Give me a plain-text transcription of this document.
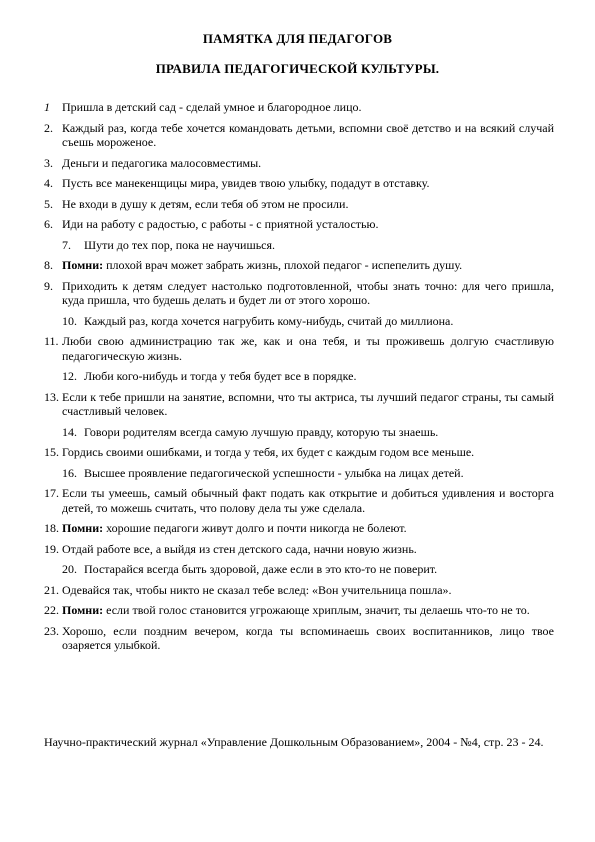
ПАМЯТКА ДЛЯ ПЕДАГОГОВ
ПРАВИЛА ПЕДАГОГИЧЕСКОЙ КУЛЬТУРЫ.
1 Пришла в детский сад - сделай умное и благородное лицо.
2. Каждый раз, когда тебе хочется командовать детьми, вспомни своё детство и на всякий случай съешь мороженое.
3. Деньги и педагогика малосовместимы.
4. Пусть все манекенщицы мира, увидев твою улыбку, подадут в отставку.
5. Не входи в душу к детям, если тебя об этом не просили.
6. Иди на работу с радостью, с работы - с приятной усталостью.
7. Шути до тех пор, пока не научишься.
8. Помни: плохой врач может забрать жизнь, плохой педагог - испепелить душу.
9. Приходить к детям следует настолько подготовленной, чтобы знать точно: для чего пришла, куда пришла, что будешь делать и будет ли от этого хорошо.
10. Каждый раз, когда хочется нагрубить кому-нибудь, считай до миллиона.
11. Люби свою администрацию так же, как и она тебя, и ты проживешь долгую счастливую педагогическую жизнь.
12. Люби кого-нибудь и тогда у тебя будет все в порядке.
13. Если к тебе пришли на занятие, вспомни, что ты актриса, ты лучший педагог страны, ты самый счастливый человек.
14. Говори родителям всегда самую лучшую правду, которую ты знаешь.
15. Гордись своими ошибками, и тогда у тебя, их будет с каждым годом все меньше.
16. Высшее проявление педагогической успешности - улыбка на лицах детей.
17. Если ты умеешь, самый обычный факт подать как открытие и добиться удивления и восторга детей, то можешь считать, что полову дела ты уже сделала.
18. Помни: хорошие педагоги живут долго и почти никогда не болеют.
19. Отдай работе все, а выйдя из стен детского сада, начни новую жизнь.
20. Постарайся всегда быть здоровой, даже если в это кто-то не поверит.
21. Одевайся так, чтобы никто не сказал тебе вслед: «Вон учительница пошла».
22. Помни: если твой голос становится угрожающе хриплым, значит, ты делаешь что-то не то.
23. Хорошо, если поздним вечером, когда ты вспоминаешь своих воспитанников, лицо твое озаряется улыбкой.
Научно-практический журнал «Управление Дошкольным Образованием», 2004 - №4, стр. 23 - 24.
